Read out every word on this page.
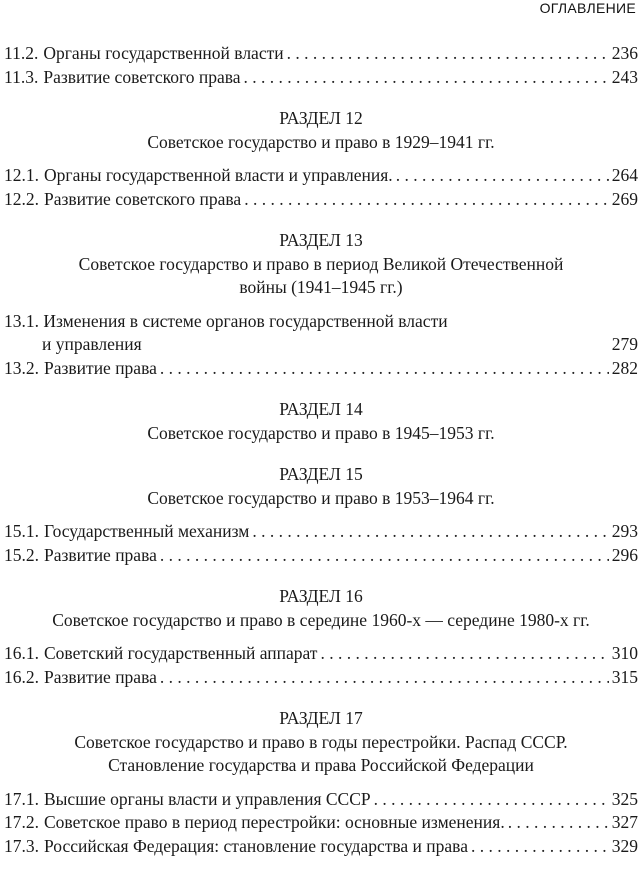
ОГЛАВЛЕНИЕ
11.2. Органы государственной власти . . .	236
11.3. Развитие советского права . . .	243
РАЗДЕЛ 12
Советское государство и право в 1929–1941 гг.
12.1. Органы государственной власти и управления. . . .	264
12.2. Развитие советского права . . .	269
РАЗДЕЛ 13
Советское государство и право в период Великой Отечественной
войны (1941–1945 гг.)
13.1. Изменения в системе органов государственной власти
и управления	279
13.2. Развитие права . . .	282
РАЗДЕЛ 14
Советское государство и право в 1945–1953 гг.
РАЗДЕЛ 15
Советское государство и право в 1953–1964 гг.
15.1. Государственный механизм . . .	293
15.2. Развитие права . . .	296
РАЗДЕЛ 16
Советское государство и право в середине 1960-х — середине 1980-х гг.
16.1. Советский государственный аппарат . . .	310
16.2. Развитие права . . .	315
РАЗДЕЛ 17
Советское государство и право в годы перестройки. Распад СССР.
Становление государства и права Российской Федерации
17.1. Высшие органы власти и управления СССР . . .	325
17.2. Советское право в период перестройки: основные изменения. . . .	327
17.3. Российская Федерация: становление государства и права . . .	329
